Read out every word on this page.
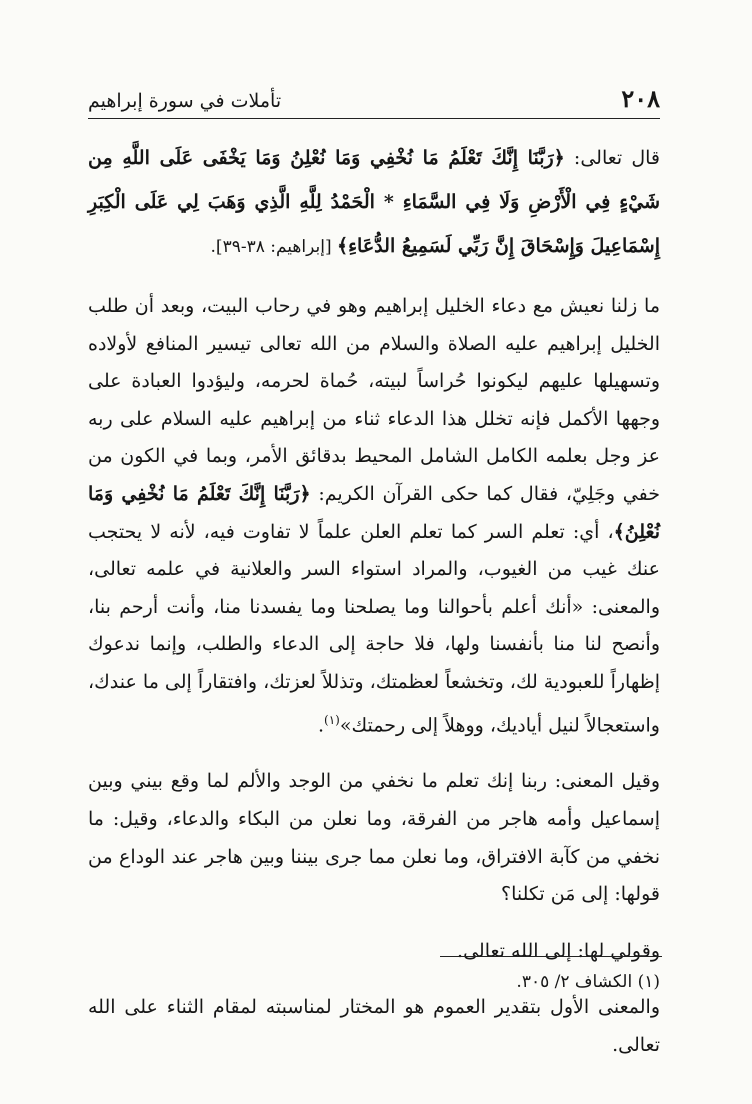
٢٠٨
تأملات في سورة إبراهيم

قال تعالى: ﴿رَبَّنَا إِنَّكَ تَعْلَمُ مَا نُخْفِي وَمَا نُعْلِنُ وَمَا يَخْفَى عَلَى اللَّهِ مِن شَيْءٍ فِي الْأَرْضِ وَلَا فِي السَّمَاءِ * الْحَمْدُ لِلَّهِ الَّذِي وَهَبَ لِي عَلَى الْكِبَرِ إِسْمَاعِيلَ وَإِسْحَاقَ إِنَّ رَبِّي لَسَمِيعُ الدُّعَاءِ﴾ [إبراهيم: ٣٨-٣٩].

ما زلنا نعيش مع دعاء الخليل إبراهيم وهو في رحاب البيت، وبعد أن طلب الخليل إبراهيم عليه الصلاة والسلام من الله تعالى تيسير المنافع لأولاده وتسهيلها عليهم ليكونوا حُراساً لبيته، حُماة لحرمه، وليؤدوا العبادة على وجهها الأكمل فإنه تخلل هذا الدعاء ثناء من إبراهيم عليه السلام على ربه عز وجل بعلمه الكامل الشامل المحيط بدقائق الأمر، وبما في الكون من خفي وجَلِيّ، فقال كما حكى القرآن الكريم: ﴿رَبَّنَا إِنَّكَ تَعْلَمُ مَا نُخْفِي وَمَا نُعْلِنُ﴾، أي: تعلم السر كما تعلم العلن علماً لا تفاوت فيه، لأنه لا يحتجب عنك غيب من الغيوب، والمراد استواء السر والعلانية في علمه تعالى، والمعنى: «أنك أعلم بأحوالنا وما يصلحنا وما يفسدنا منا، وأنت أرحم بنا، وأنصح لنا منا بأنفسنا ولها، فلا حاجة إلى الدعاء والطلب، وإنما ندعوك إظهاراً للعبودية لك، وتخشعاً لعظمتك، وتذللاً لعزتك، وافتقاراً إلى ما عندك، واستعجالاً لنيل أياديك، ووهلاً إلى رحمتك»$^{(١)}$.

وقيل المعنى: ربنا إنك تعلم ما نخفي من الوجد والألم لما وقع بيني وبين إسماعيل وأمه هاجر من الفرقة، وما نعلن من البكاء والدعاء، وقيل: ما نخفي من كآبة الافتراق، وما نعلن مما جرى بيننا وبين هاجر عند الوداع من قولها: إلى مَن تكلنا؟

وقولي لها: إلى الله تعالى.

والمعنى الأول بتقدير العموم هو المختار لمناسبته لمقام الثناء على الله تعالى.

(١) الكشاف ٢/ ٣٠٥.
